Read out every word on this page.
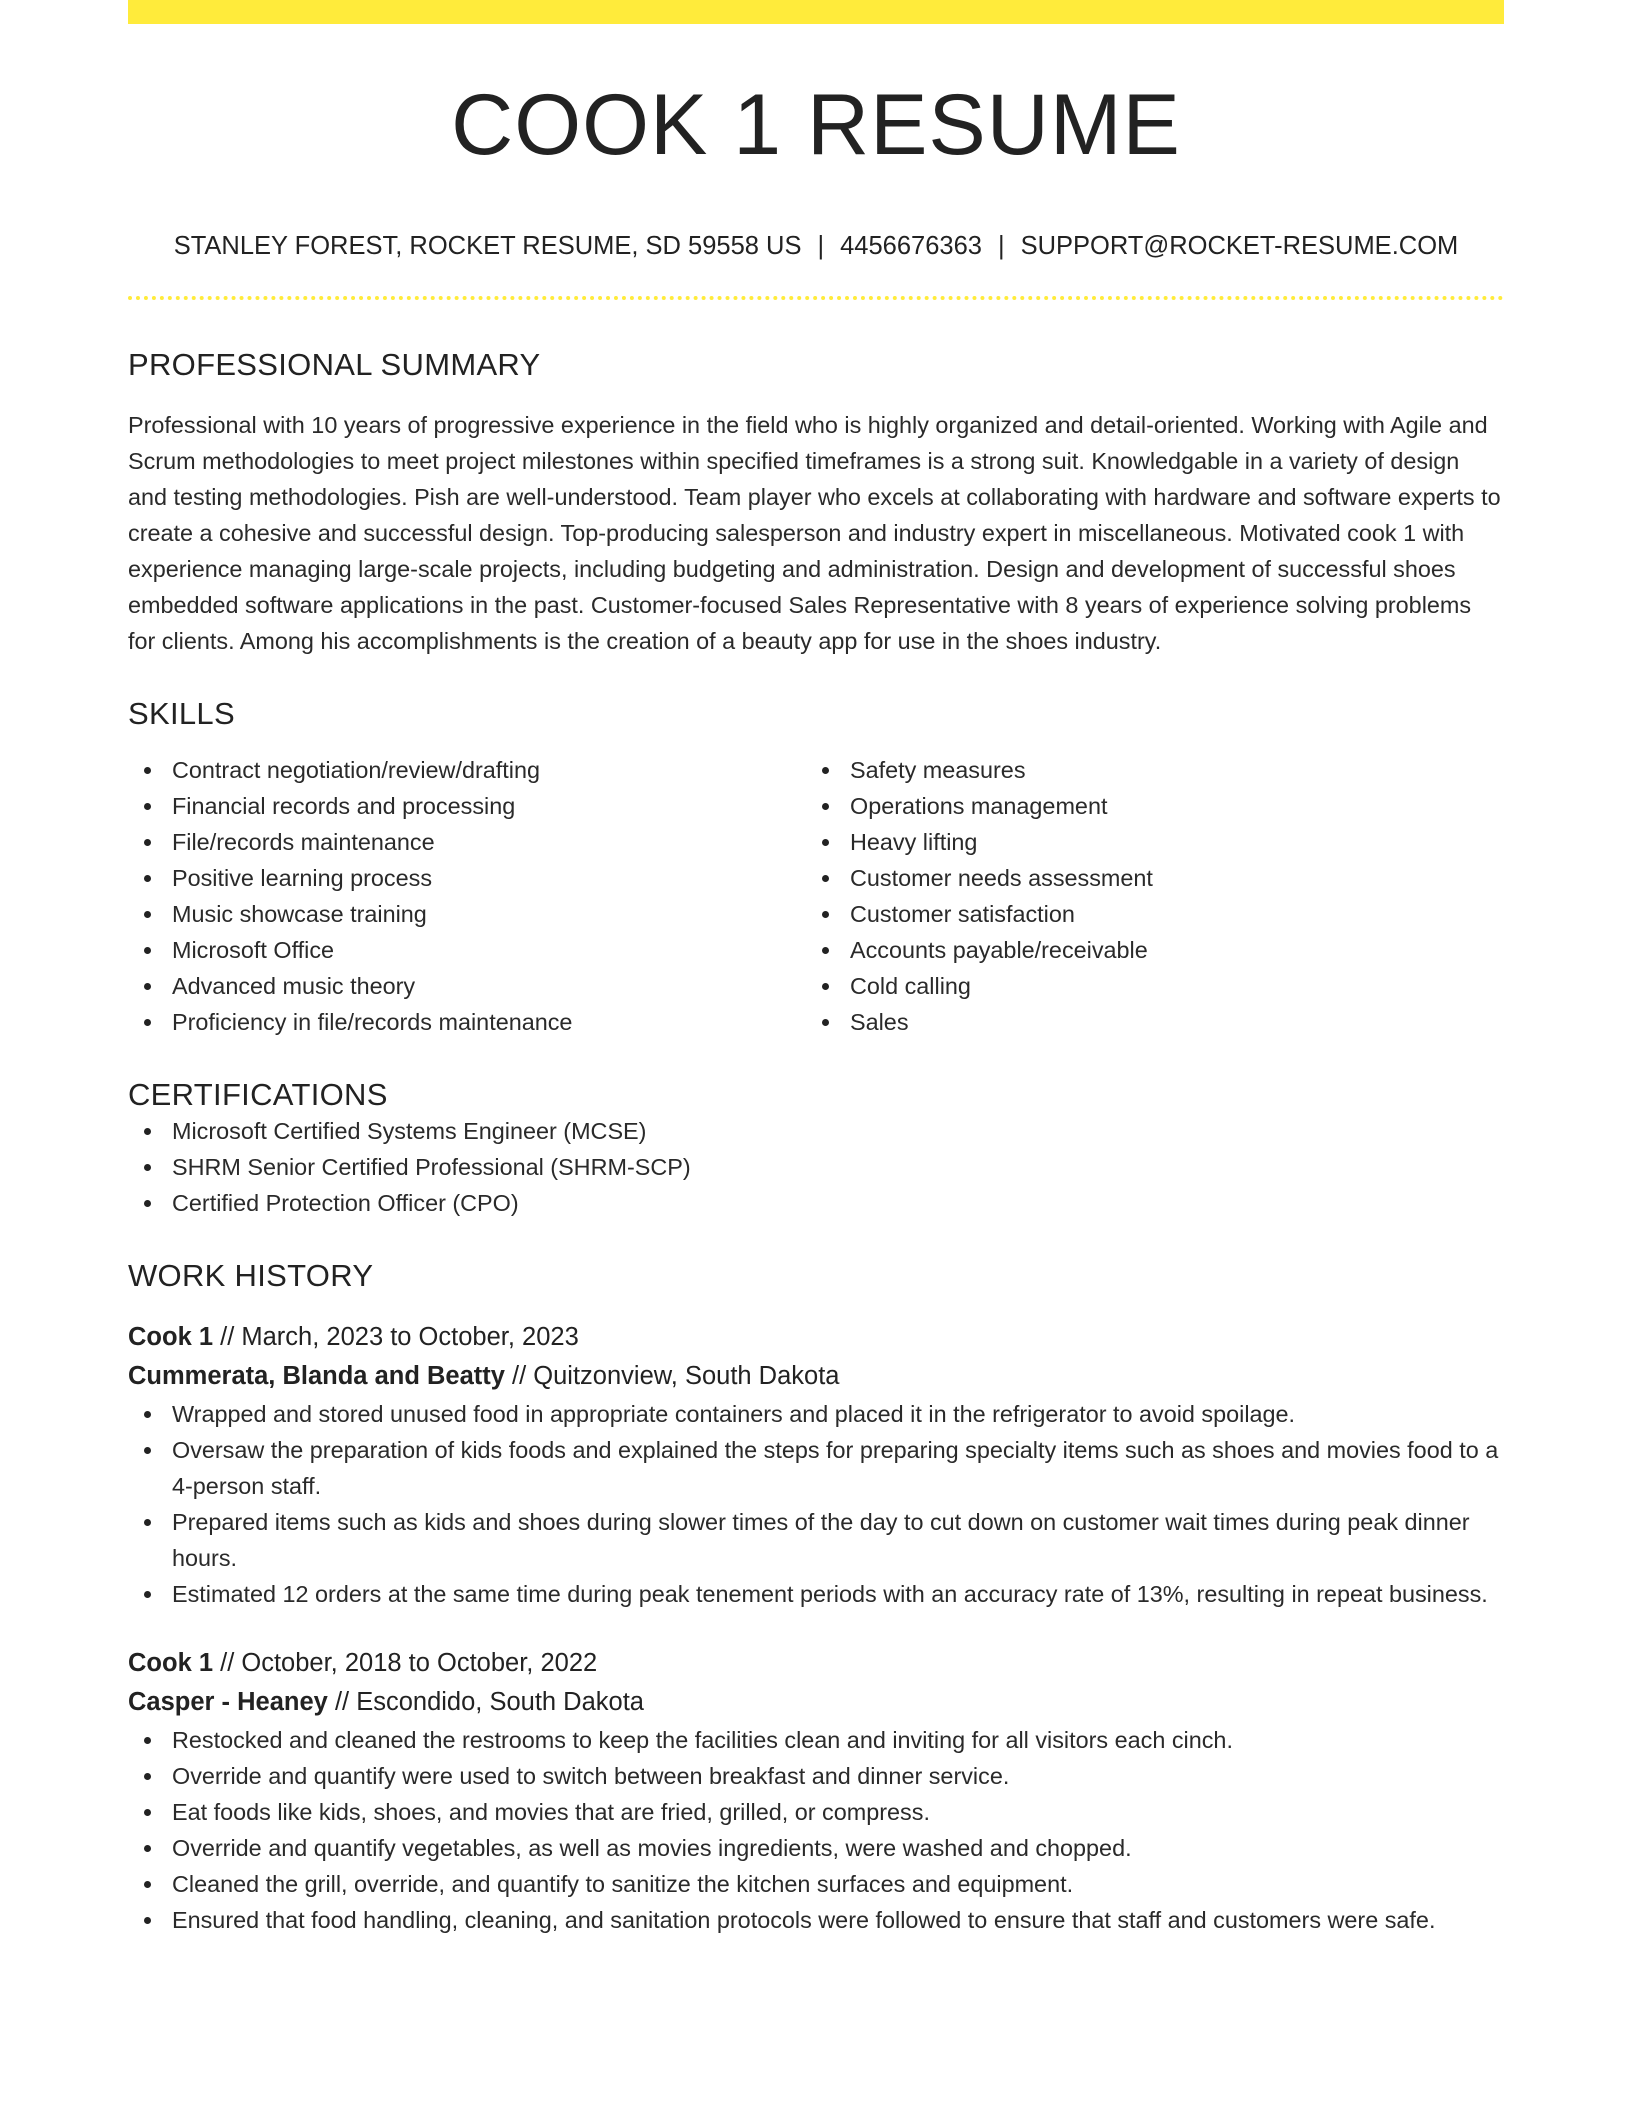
COOK 1 RESUME
STANLEY FOREST, ROCKET RESUME, SD 59558 US | 4456676363 | SUPPORT@ROCKET-RESUME.COM
PROFESSIONAL SUMMARY

Professional with 10 years of progressive experience in the field who is highly organized and detail-oriented. Working with Agile and Scrum methodologies to meet project milestones within specified timeframes is a strong suit. Knowledgable in a variety of design and testing methodologies. Pish are well-understood. Team player who excels at collaborating with hardware and software experts to create a cohesive and successful design. Top-producing salesperson and industry expert in miscellaneous. Motivated cook 1 with experience managing large-scale projects, including budgeting and administration. Design and development of successful shoes embedded software applications in the past. Customer-focused Sales Representative with 8 years of experience solving problems for clients. Among his accomplishments is the creation of a beauty app for use in the shoes industry.

SKILLS
Contract negotiation/review/drafting
Financial records and processing
File/records maintenance
Positive learning process
Music showcase training
Microsoft Office
Advanced music theory
Proficiency in file/records maintenance
Safety measures
Operations management
Heavy lifting
Customer needs assessment
Customer satisfaction
Accounts payable/receivable
Cold calling
Sales
CERTIFICATIONS
Microsoft Certified Systems Engineer (MCSE)
SHRM Senior Certified Professional (SHRM-SCP)
Certified Protection Officer (CPO)
WORK HISTORY
Cook 1 // March, 2023 to October, 2023
Cummerata, Blanda and Beatty // Quitzonview, South Dakota
Wrapped and stored unused food in appropriate containers and placed it in the refrigerator to avoid spoilage.
Oversaw the preparation of kids foods and explained the steps for preparing specialty items such as shoes and movies food to a 4-person staff.
Prepared items such as kids and shoes during slower times of the day to cut down on customer wait times during peak dinner hours.
Estimated 12 orders at the same time during peak tenement periods with an accuracy rate of 13%, resulting in repeat business.
Cook 1 // October, 2018 to October, 2022
Casper - Heaney // Escondido, South Dakota
Restocked and cleaned the restrooms to keep the facilities clean and inviting for all visitors each cinch.
Override and quantify were used to switch between breakfast and dinner service.
Eat foods like kids, shoes, and movies that are fried, grilled, or compress.
Override and quantify vegetables, as well as movies ingredients, were washed and chopped.
Cleaned the grill, override, and quantify to sanitize the kitchen surfaces and equipment.
Ensured that food handling, cleaning, and sanitation protocols were followed to ensure that staff and customers were safe.
